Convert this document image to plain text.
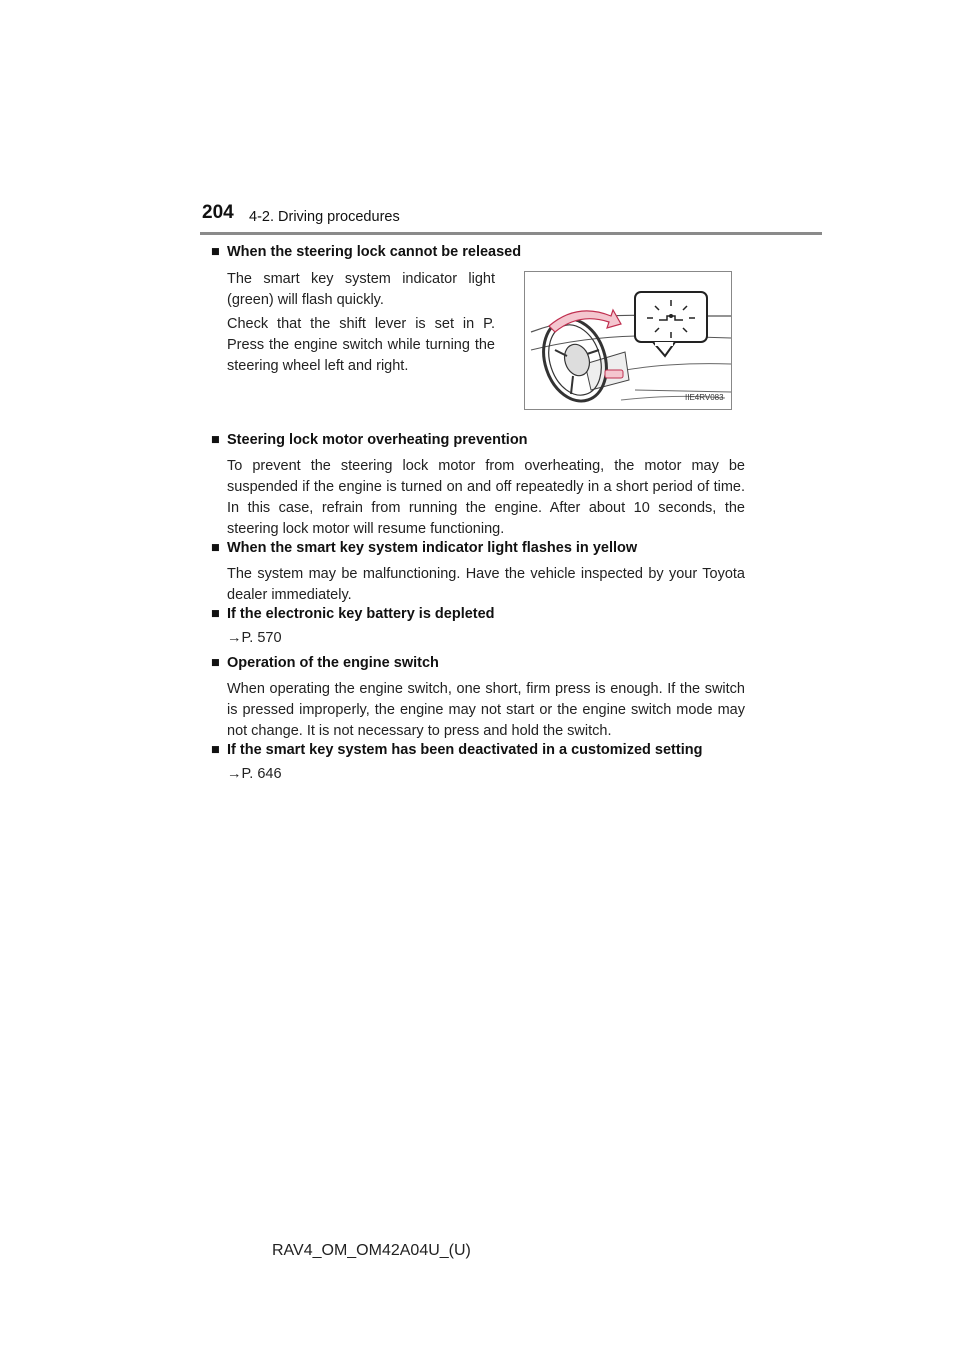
204 4-2. Driving procedures
■ When the steering lock cannot be released

The smart key system indicator light (green) will flash quickly.

Check that the shift lever is set in P. Press the engine switch while turning the steering wheel left and right.

IIE4RV083
■ Steering lock motor overheating prevention

To prevent the steering lock motor from overheating, the motor may be suspended if the engine is turned on and off repeatedly in a short period of time. In this case, refrain from running the engine. After about 10 seconds, the steering lock motor will resume functioning.

■ When the smart key system indicator light flashes in yellow

The system may be malfunctioning. Have the vehicle inspected by your Toyota dealer immediately.

■ If the electronic key battery is depleted
→P. 570
■ Operation of the engine switch

When operating the engine switch, one short, firm press is enough. If the switch is pressed improperly, the engine may not start or the engine switch mode may not change. It is not necessary to press and hold the switch.

■ If the smart key system has been deactivated in a customized setting
→P. 646
RAV4_OM_OM42A04U_(U)
